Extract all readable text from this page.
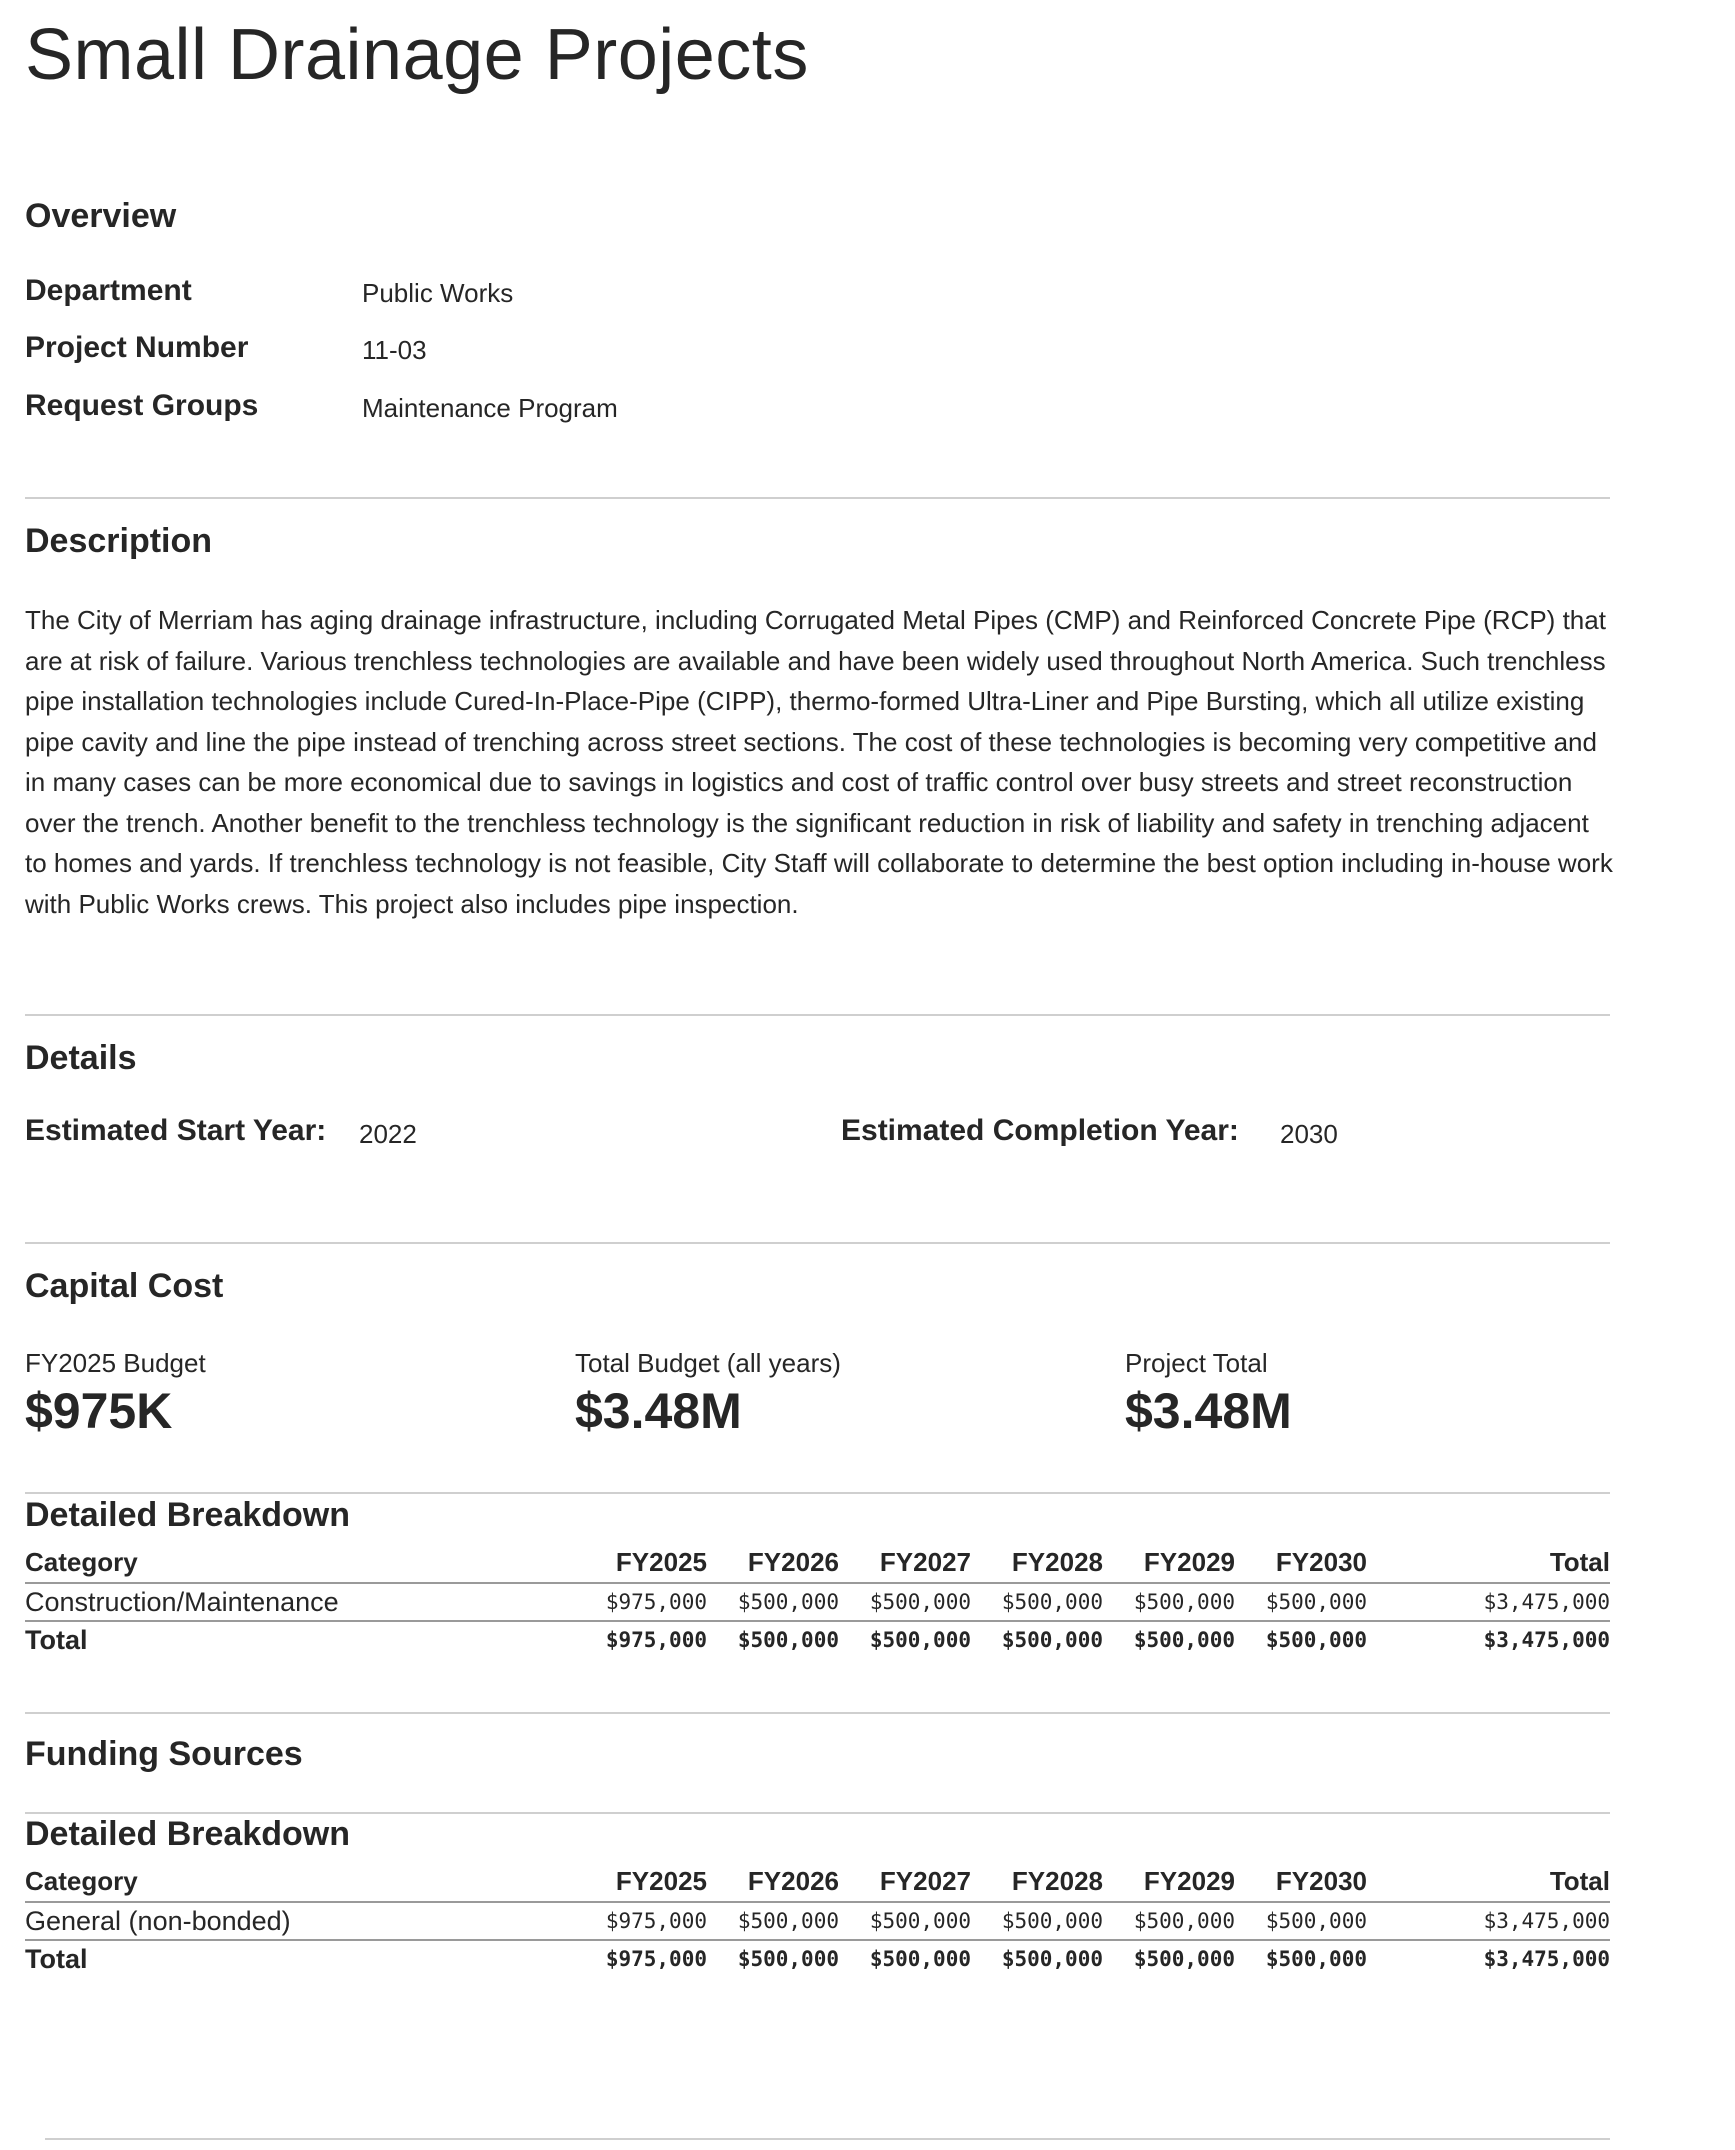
Small Drainage Projects
Overview
Department	Public Works
Project Number	11-03
Request Groups	Maintenance Program
Description
The City of Merriam has aging drainage infrastructure, including Corrugated Metal Pipes (CMP) and Reinforced Concrete Pipe (RCP) that are at risk of failure. Various trenchless technologies are available and have been widely used throughout North America. Such trenchless pipe installation technologies include Cured-In-Place-Pipe (CIPP), thermo-formed Ultra-Liner and Pipe Bursting, which all utilize existing pipe cavity and line the pipe instead of trenching across street sections. The cost of these technologies is becoming very competitive and in many cases can be more economical due to savings in logistics and cost of traffic control over busy streets and street reconstruction over the trench. Another benefit to the trenchless technology is the significant reduction in risk of liability and safety in trenching adjacent to homes and yards. If trenchless technology is not feasible, City Staff will collaborate to determine the best option including in-house work with Public Works crews. This project also includes pipe inspection.
Details
Estimated Start Year: 2022	Estimated Completion Year: 2030
Capital Cost
FY2025 Budget
$975K
Total Budget (all years)
$3.48M
Project Total
$3.48M
Detailed Breakdown
Category	FY2025	FY2026	FY2027	FY2028	FY2029	FY2030	Total
Construction/Maintenance	$975,000	$500,000	$500,000	$500,000	$500,000	$500,000	$3,475,000
Total	$975,000	$500,000	$500,000	$500,000	$500,000	$500,000	$3,475,000
Funding Sources
Detailed Breakdown
Category	FY2025	FY2026	FY2027	FY2028	FY2029	FY2030	Total
General (non-bonded)	$975,000	$500,000	$500,000	$500,000	$500,000	$500,000	$3,475,000
Total	$975,000	$500,000	$500,000	$500,000	$500,000	$500,000	$3,475,000
